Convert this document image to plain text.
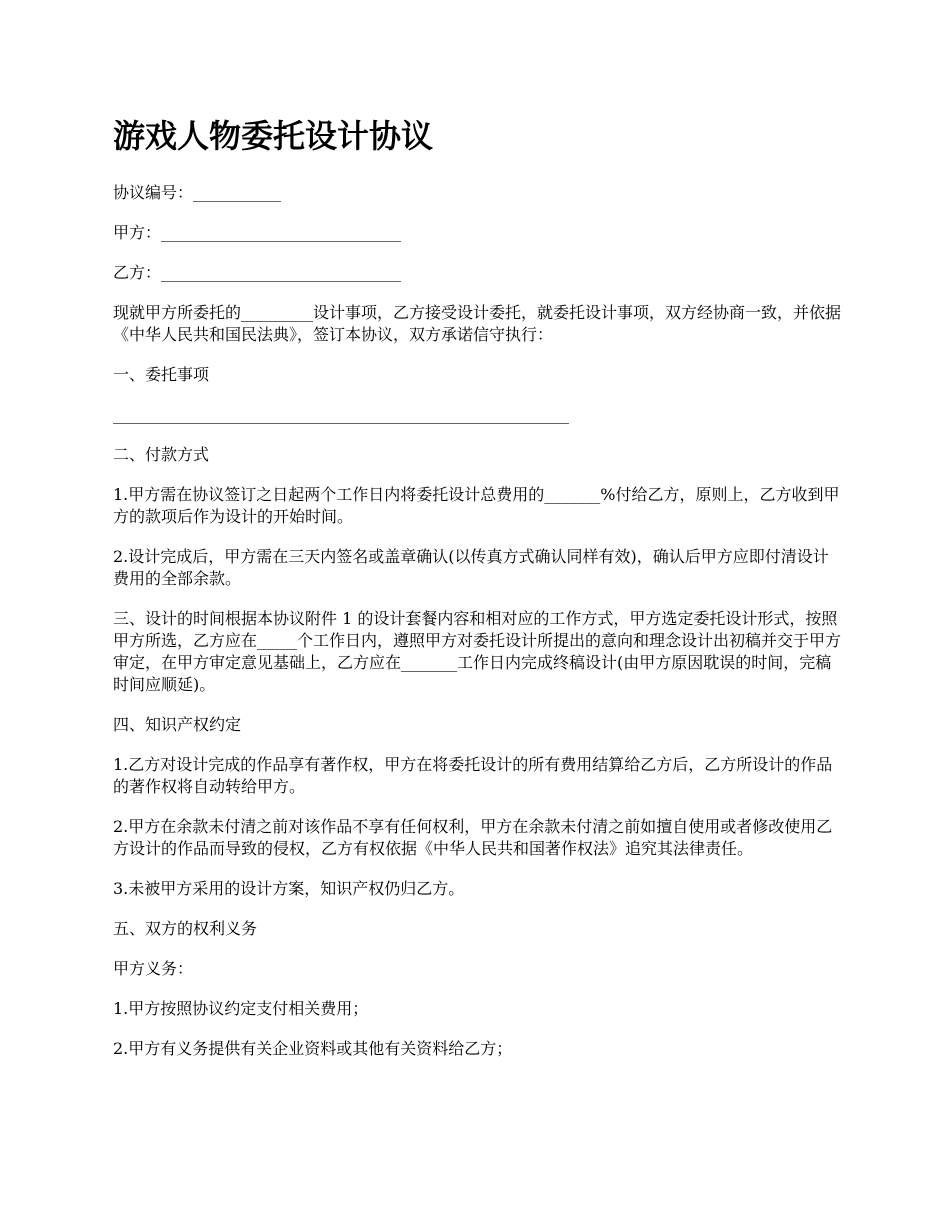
游戏人物委托设计协议

协议编号：___________

甲方：______________________________

乙方：______________________________

现就甲方所委托的_________设计事项，乙方接受设计委托，就委托设计事项，双方经协商一致，并依据《中华人民共和国民法典》，签订本协议，双方承诺信守执行：

一、委托事项

_________________________________________________________

二、付款方式

1.甲方需在协议签订之日起两个工作日内将委托设计总费用的_______%付给乙方，原则上，乙方收到甲方的款项后作为设计的开始时间。

2.设计完成后，甲方需在三天内签名或盖章确认(以传真方式确认同样有效)，确认后甲方应即付清设计费用的全部余款。

三、设计的时间根据本协议附件 1 的设计套餐内容和相对应的工作方式，甲方选定委托设计形式，按照甲方所选，乙方应在_____个工作日内，遵照甲方对委托设计所提出的意向和理念设计出初稿并交于甲方审定，在甲方审定意见基础上，乙方应在_______工作日内完成终稿设计(由甲方原因耽误的时间，完稿时间应顺延)。

四、知识产权约定

1.乙方对设计完成的作品享有著作权，甲方在将委托设计的所有费用结算给乙方后，乙方所设计的作品的著作权将自动转给甲方。

2.甲方在余款未付清之前对该作品不享有任何权利，甲方在余款未付清之前如擅自使用或者修改使用乙方设计的作品而导致的侵权，乙方有权依据《中华人民共和国著作权法》追究其法律责任。

3.未被甲方采用的设计方案，知识产权仍归乙方。

五、双方的权利义务

甲方义务：

1.甲方按照协议约定支付相关费用；

2.甲方有义务提供有关企业资料或其他有关资料给乙方；
